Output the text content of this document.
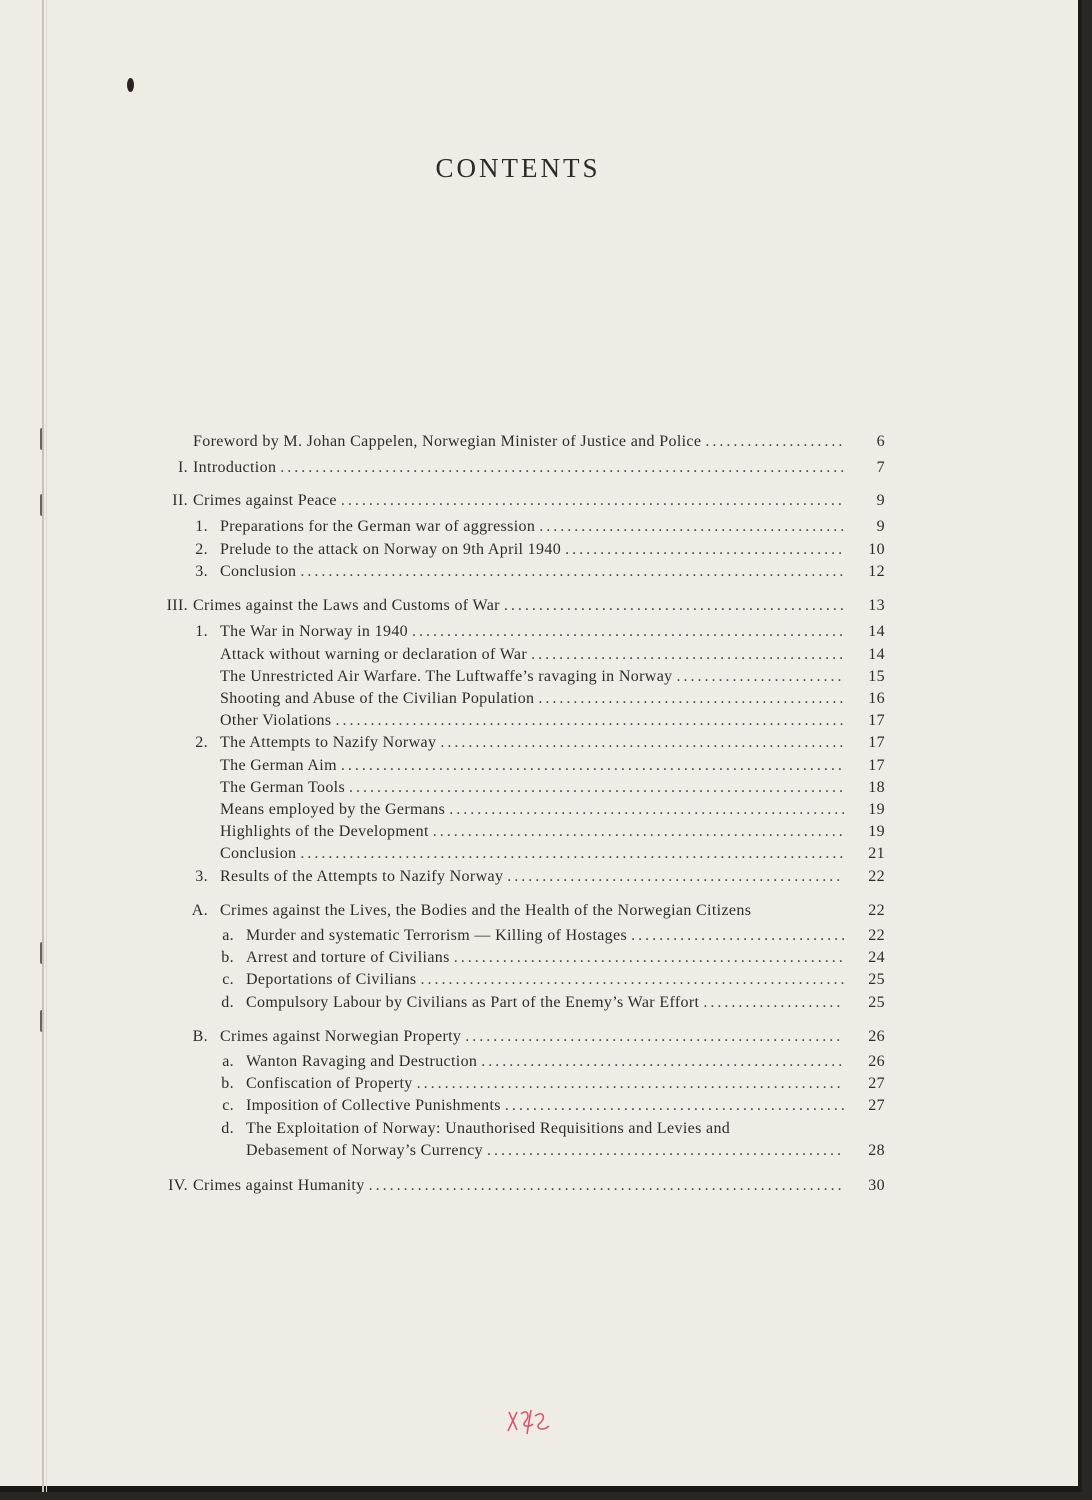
CONTENTS
Foreword by M. Johan Cappelen, Norwegian Minister of Justice and Police . . .	6
I. Introduction . . .	7
II. Crimes against Peace . . .	9
1. Preparations for the German war of aggression . . .	9
2. Prelude to the attack on Norway on 9th April 1940 . . .	10
3. Conclusion . . .	12
III. Crimes against the Laws and Customs of War . . .	13
1. The War in Norway in 1940 . . .	14
Attack without warning or declaration of War . . .	14
The Unrestricted Air Warfare. The Luftwaffe’s ravaging in Norway . . .	15
Shooting and Abuse of the Civilian Population . . .	16
Other Violations . . .	17
2. The Attempts to Nazify Norway . . .	17
The German Aim . . .	17
The German Tools . . .	18
Means employed by the Germans . . .	19
Highlights of the Development . . .	19
Conclusion . . .	21
3. Results of the Attempts to Nazify Norway . . .	22
A. Crimes against the Lives, the Bodies and the Health of the Norwegian Citizens	22
a. Murder and systematic Terrorism — Killing of Hostages . . .	22
b. Arrest and torture of Civilians . . .	24
c. Deportations of Civilians . . .	25
d. Compulsory Labour by Civilians as Part of the Enemy’s War Effort . . .	25
B. Crimes against Norwegian Property . . .	26
a. Wanton Ravaging and Destruction . . .	26
b. Confiscation of Property . . .	27
c. Imposition of Collective Punishments . . .	27
d. The Exploitation of Norway: Unauthorised Requisitions and Levies and
Debasement of Norway’s Currency . . .	28
IV. Crimes against Humanity . . .	30
